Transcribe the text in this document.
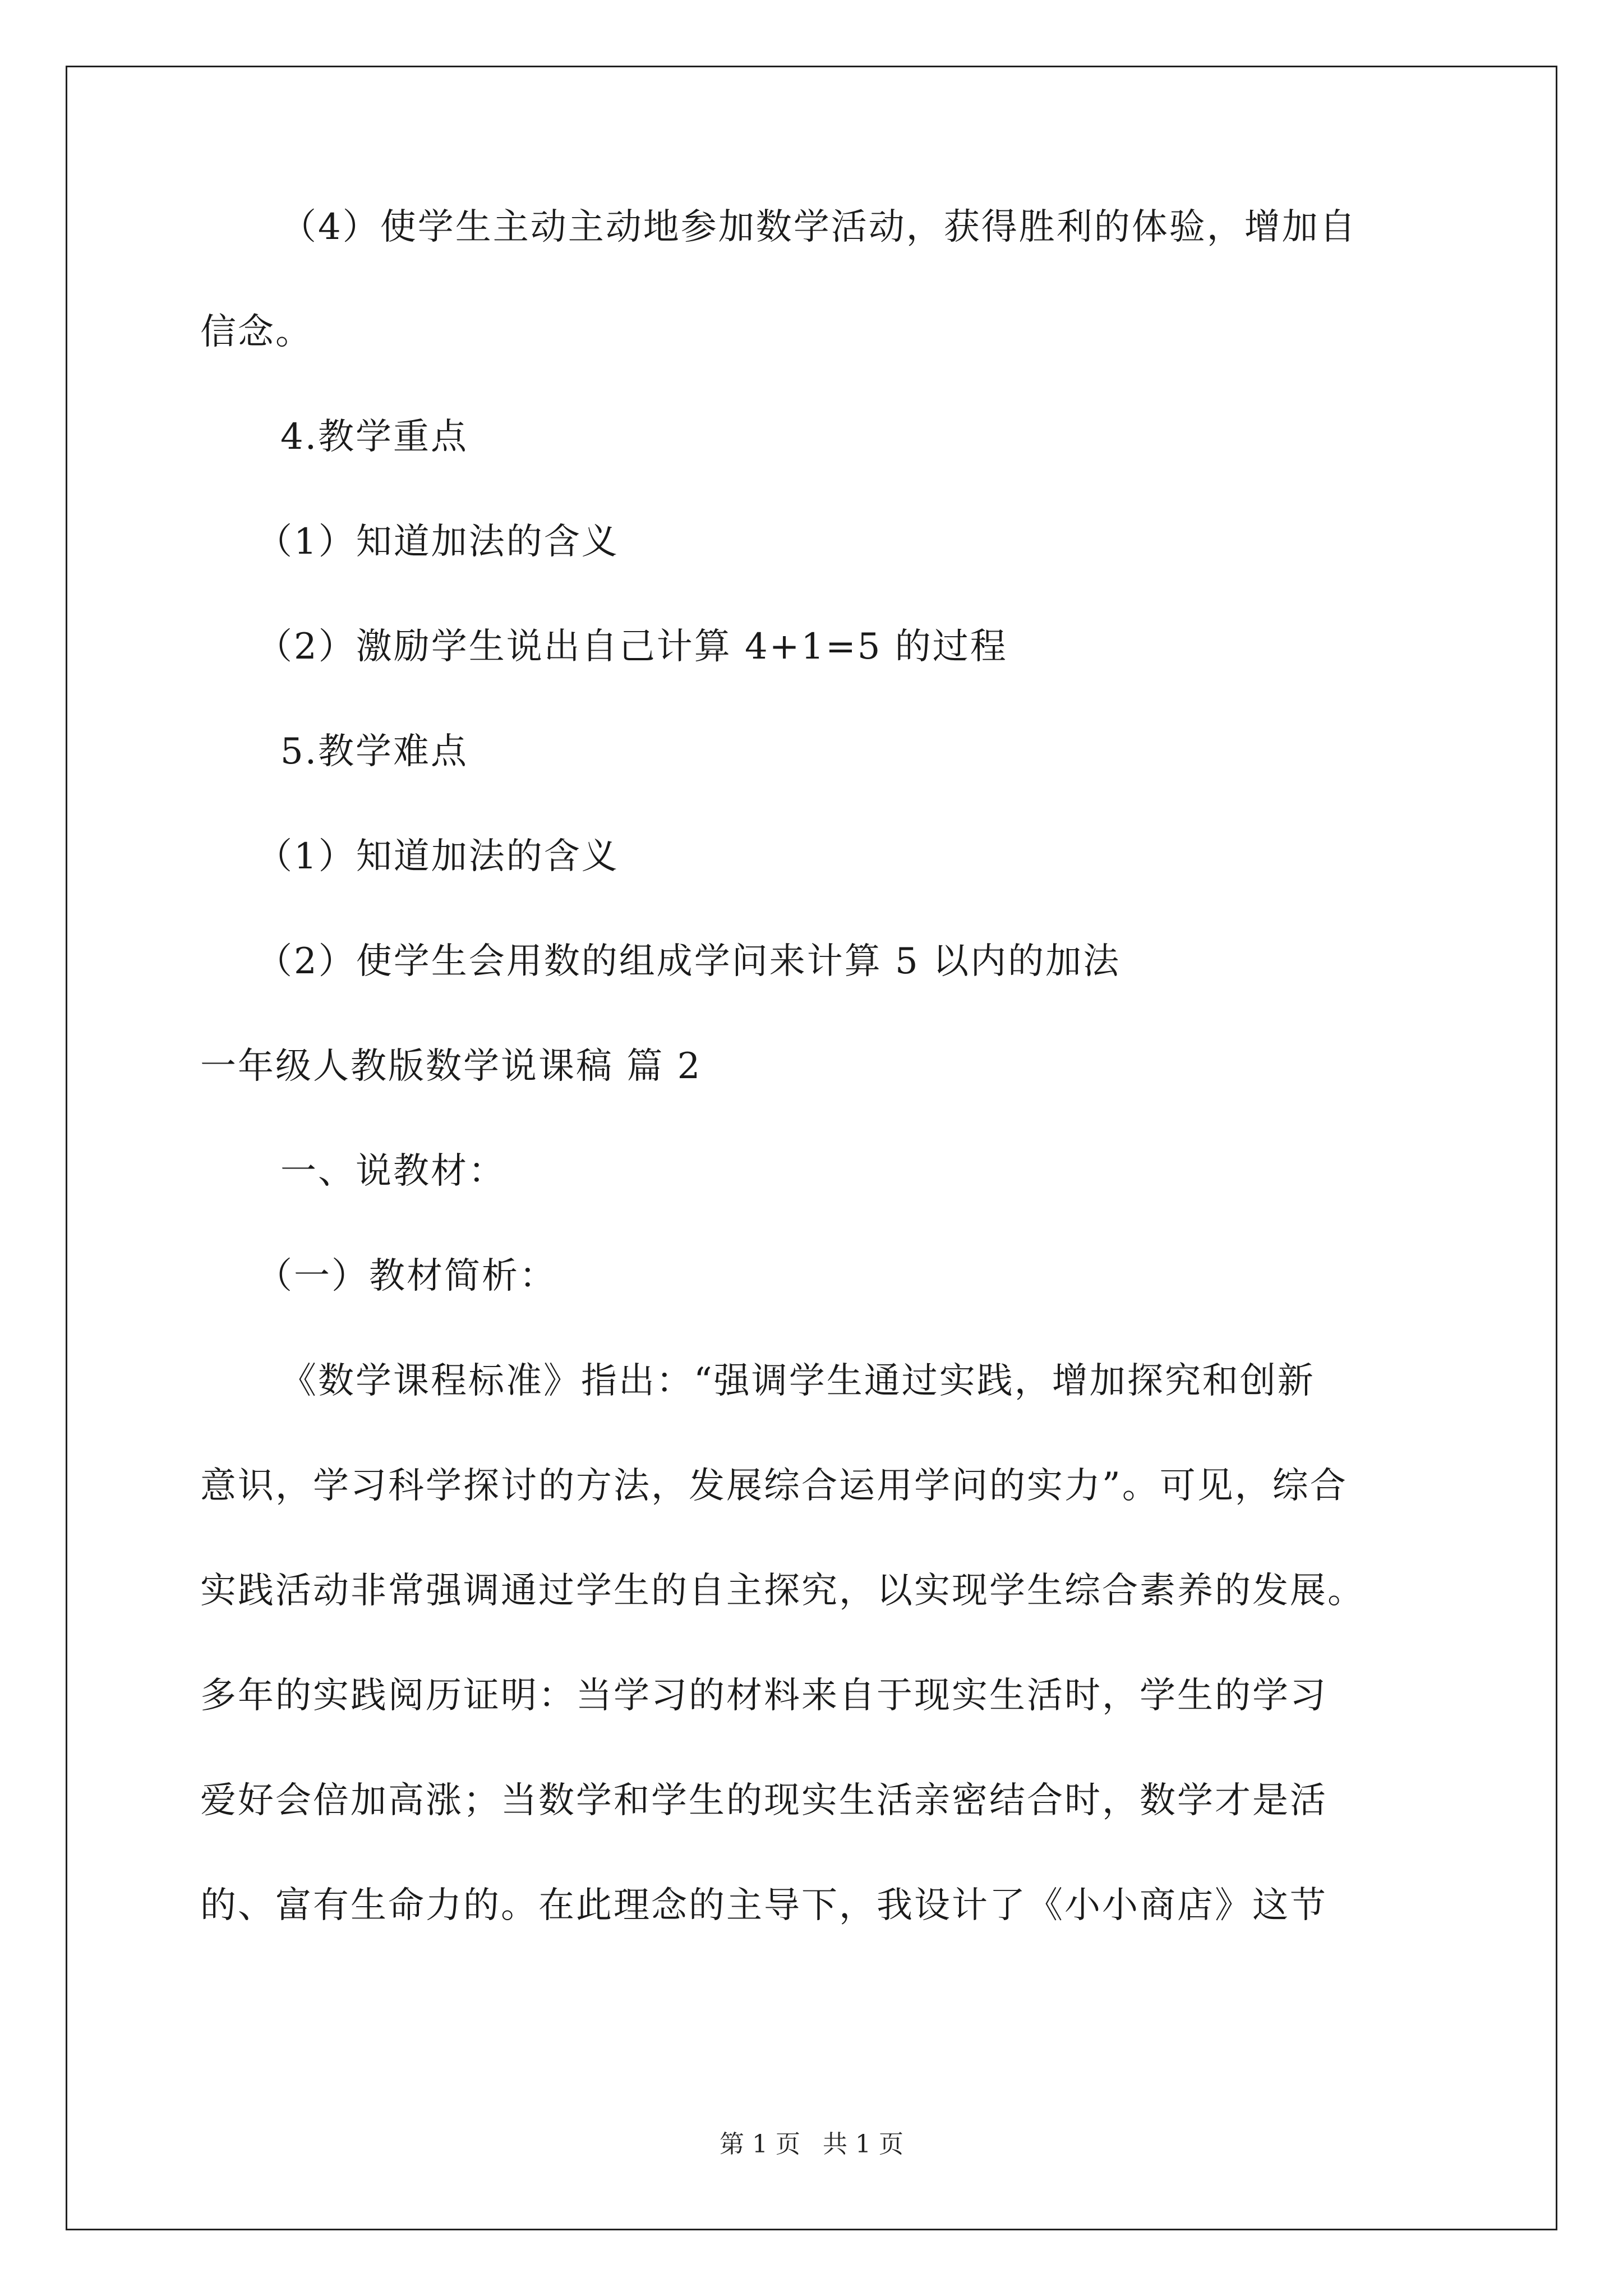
（4）使学生主动主动地参加数学活动，获得胜利的体验，增加自
信念。
4.教学重点
（1）知道加法的含义
（2）激励学生说出自己计算 4+1=5 的过程
5.教学难点
（1）知道加法的含义
（2）使学生会用数的组成学问来计算 5 以内的加法
一年级人教版数学说课稿 篇 2
一、说教材：
（一）教材简析：
《数学课程标准》指出：“强调学生通过实践，增加探究和创新
意识，学习科学探讨的方法，发展综合运用学问的实力”。可见，综合
实践活动非常强调通过学生的自主探究，以实现学生综合素养的发展。
多年的实践阅历证明：当学习的材料来自于现实生活时，学生的学习
爱好会倍加高涨；当数学和学生的现实生活亲密结合时，数学才是活
的、富有生命力的。在此理念的主导下，我设计了《小小商店》这节
第 1 页 共 1 页
